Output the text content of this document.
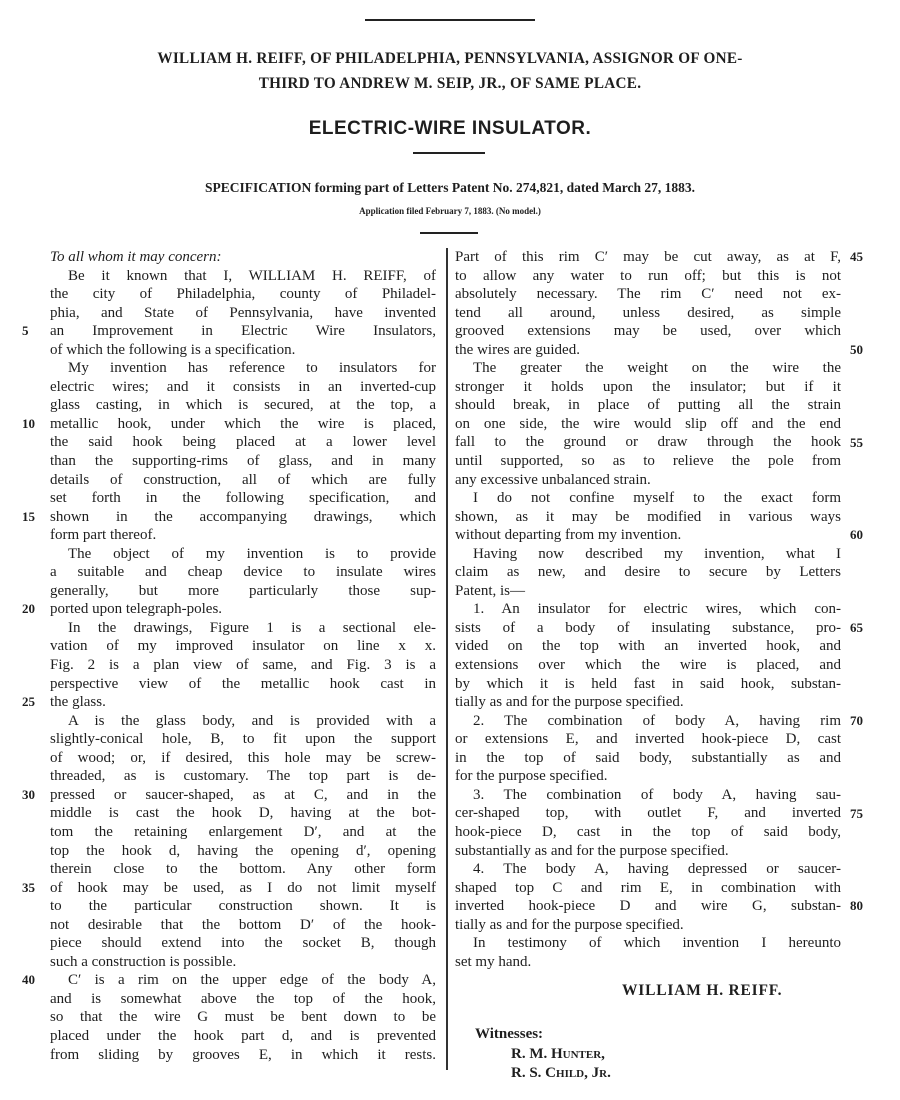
WILLIAM H. REIFF, OF PHILADELPHIA, PENNSYLVANIA, ASSIGNOR OF ONE-
THIRD TO ANDREW M. SEIP, JR., OF SAME PLACE.
ELECTRIC-WIRE INSULATOR.
SPECIFICATION forming part of Letters Patent No. 274,821, dated March 27, 1883.
Application filed February 7, 1883. (No model.)
To all whom it may concern:
Be it known that I, WILLIAM H. REIFF, of
the city of Philadelphia, county of Philadel-
phia, and State of Pennsylvania, have invented
an Improvement in Electric Wire Insulators,
of which the following is a specification.
My invention has reference to insulators for
electric wires; and it consists in an inverted-cup
glass casting, in which is secured, at the top, a
metallic hook, under which the wire is placed,
the said hook being placed at a lower level
than the supporting-rims of glass, and in many
details of construction, all of which are fully
set forth in the following specification, and
shown in the accompanying drawings, which
form part thereof.
The object of my invention is to provide
a suitable and cheap device to insulate wires
generally, but more particularly those sup-
ported upon telegraph-poles.
In the drawings, Figure 1 is a sectional ele-
vation of my improved insulator on line x x.
Fig. 2 is a plan view of same, and Fig. 3 is a
perspective view of the metallic hook cast in
the glass.
A is the glass body, and is provided with a
slightly-conical hole, B, to fit upon the support
of wood; or, if desired, this hole may be screw-
threaded, as is customary. The top part is de-
pressed or saucer-shaped, as at C, and in the
middle is cast the hook D, having at the bot-
tom the retaining enlargement D′, and at the
top the hook d, having the opening d′, opening
therein close to the bottom. Any other form
of hook may be used, as I do not limit myself
to the particular construction shown. It is
not desirable that the bottom D′ of the hook-
piece should extend into the socket B, though
such a construction is possible.
C′ is a rim on the upper edge of the body A,
and is somewhat above the top of the hook,
so that the wire G must be bent down to be
placed under the hook part d, and is prevented
from sliding by grooves E, in which it rests.
Part of this rim C′ may be cut away, as at F,
to allow any water to run off; but this is not
absolutely necessary. The rim C′ need not ex-
tend all around, unless desired, as simple
grooved extensions may be used, over which
the wires are guided.
The greater the weight on the wire the
stronger it holds upon the insulator; but if it
should break, in place of putting all the strain
on one side, the wire would slip off and the end
fall to the ground or draw through the hook
until supported, so as to relieve the pole from
any excessive unbalanced strain.
I do not confine myself to the exact form
shown, as it may be modified in various ways
without departing from my invention.
Having now described my invention, what I
claim as new, and desire to secure by Letters
Patent, is—
1. An insulator for electric wires, which con-
sists of a body of insulating substance, pro-
vided on the top with an inverted hook, and
extensions over which the wire is placed, and
by which it is held fast in said hook, substan-
tially as and for the purpose specified.
2. The combination of body A, having rim
or extensions E, and inverted hook-piece D, cast
in the top of said body, substantially as and
for the purpose specified.
3. The combination of body A, having sau-
cer-shaped top, with outlet F, and inverted
hook-piece D, cast in the top of said body,
substantially as and for the purpose specified.
4. The body A, having depressed or saucer-
shaped top C and rim E, in combination with
inverted hook-piece D and wire G, substan-
tially as and for the purpose specified.
In testimony of which invention I hereunto
set my hand.
WILLIAM H. REIFF.
Witnesses:
R. M. Hunter,
R. S. Child, Jr.
5
10
15
20
25
30
35
40
45
50
55
60
65
70
75
80
